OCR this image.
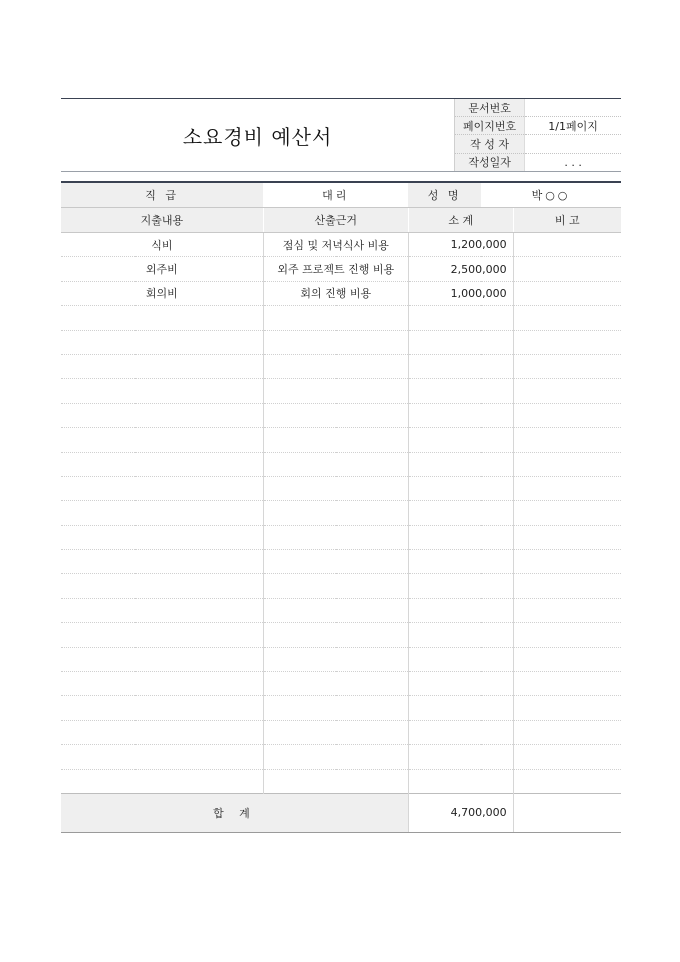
소요경비 예산서
문서번호	
페이지번호	1/1페이지
작 성 자	
작성일자	. . .
직 급	대리	성 명	박○○	
지출내용	산출근거	소 계		비 고
식비	점심 및 저녁식사 비용	1,200,000		
외주비	외주 프로젝트 진행 비용	2,500,000		
회의비	회의 진행 비용	1,000,000		

합 계		4,700,000		
